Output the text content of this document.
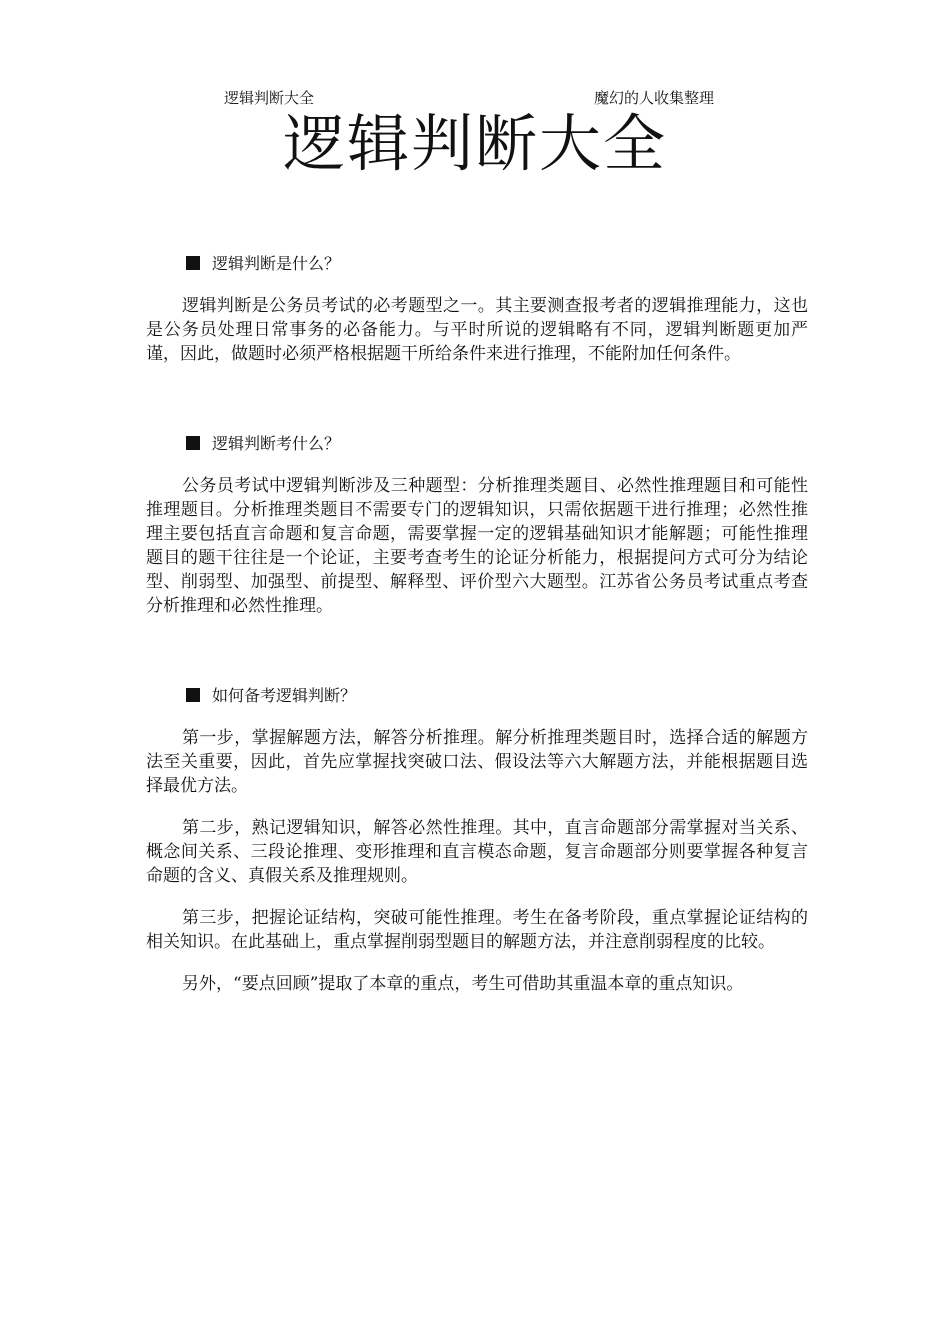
逻辑判断大全	魔幻的人收集整理
逻辑判断大全
逻辑判断是什么？

逻辑判断是公务员考试的必考题型之一。其主要测查报考者的逻辑推理能力，这也是公务员处理日常事务的必备能力。与平时所说的逻辑略有不同，逻辑判断题更加严谨，因此，做题时必须严格根据题干所给条件来进行推理，不能附加任何条件。

逻辑判断考什么？

公务员考试中逻辑判断涉及三种题型：分析推理类题目、必然性推理题目和可能性推理题目。分析推理类题目不需要专门的逻辑知识，只需依据题干进行推理；必然性推理主要包括直言命题和复言命题，需要掌握一定的逻辑基础知识才能解题；可能性推理题目的题干往往是一个论证，主要考查考生的论证分析能力，根据提问方式可分为结论型、削弱型、加强型、前提型、解释型、评价型六大题型。江苏省公务员考试重点考查分析推理和必然性推理。

如何备考逻辑判断？

第一步，掌握解题方法，解答分析推理。解分析推理类题目时，选择合适的解题方法至关重要，因此，首先应掌握找突破口法、假设法等六大解题方法，并能根据题目选择最优方法。

第二步，熟记逻辑知识，解答必然性推理。其中，直言命题部分需掌握对当关系、概念间关系、三段论推理、变形推理和直言模态命题，复言命题部分则要掌握各种复言命题的含义、真假关系及推理规则。

第三步，把握论证结构，突破可能性推理。考生在备考阶段，重点掌握论证结构的相关知识。在此基础上，重点掌握削弱型题目的解题方法，并注意削弱程度的比较。

另外，“要点回顾”提取了本章的重点，考生可借助其重温本章的重点知识。
